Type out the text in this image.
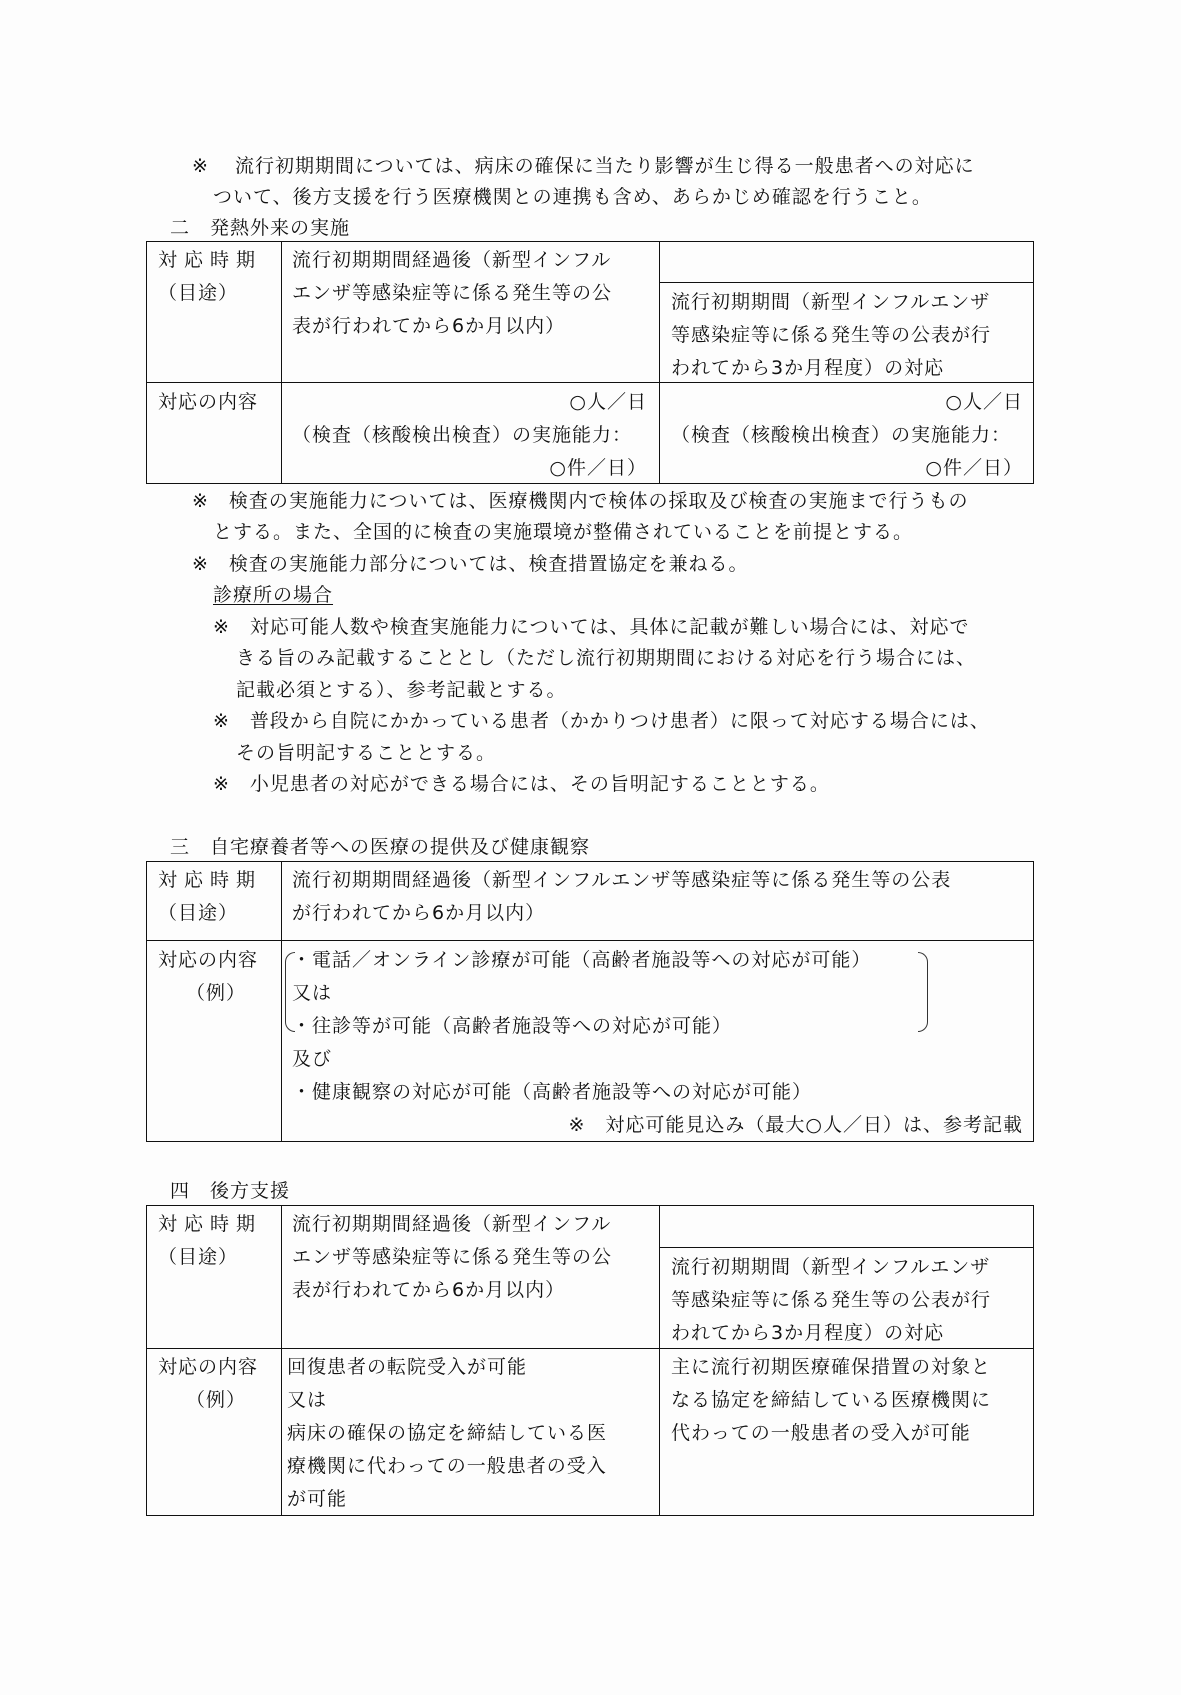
※ 流行初期期間については、病床の確保に当たり影響が生じ得る一般患者への対応に
ついて、後方支援を行う医療機関との連携も含め、あらかじめ確認を行うこと。
二　発熱外来の実施
対応時期
（目途）
流行初期期間経過後（新型インフル
エンザ等感染症等に係る発生等の公
表が行われてから6か月以内）
流行初期期間（新型インフルエンザ
等感染症等に係る発生等の公表が行
われてから3か月程度）の対応
対応の内容	○人／日
（検査（核酸検出検査）の実施能力：
○件／日）
○人／日
（検査（核酸検出検査）の実施能力：
○件／日）
※　検査の実施能力については、医療機関内で検体の採取及び検査の実施まで行うもの
とする。また、全国的に検査の実施環境が整備されていることを前提とする。
※　検査の実施能力部分については、検査措置協定を兼ねる。
診療所の場合
※　対応可能人数や検査実施能力については、具体に記載が難しい場合には、対応で
きる旨のみ記載することとし（ただし流行初期期間における対応を行う場合には、
記載必須とする）、参考記載とする。
※　普段から自院にかかっている患者（かかりつけ患者）に限って対応する場合には、
その旨明記することとする。
※　小児患者の対応ができる場合には、その旨明記することとする。
三　自宅療養者等への医療の提供及び健康観察
対応時期
（目途）
流行初期期間経過後（新型インフルエンザ等感染症等に係る発生等の公表
が行われてから6か月以内）
対応の内容
（例）
・電話／オンライン診療が可能（高齢者施設等への対応が可能）
又は
・往診等が可能（高齢者施設等への対応が可能）
及び
・健康観察の対応が可能（高齢者施設等への対応が可能）
※　対応可能見込み（最大○人／日）は、参考記載
四　後方支援
対応時期
（目途）
流行初期期間経過後（新型インフル
エンザ等感染症等に係る発生等の公
表が行われてから6か月以内）
流行初期期間（新型インフルエンザ
等感染症等に係る発生等の公表が行
われてから3か月程度）の対応
対応の内容
（例）
回復患者の転院受入が可能
又は
病床の確保の協定を締結している医
療機関に代わっての一般患者の受入
が可能
主に流行初期医療確保措置の対象と
なる協定を締結している医療機関に
代わっての一般患者の受入が可能
